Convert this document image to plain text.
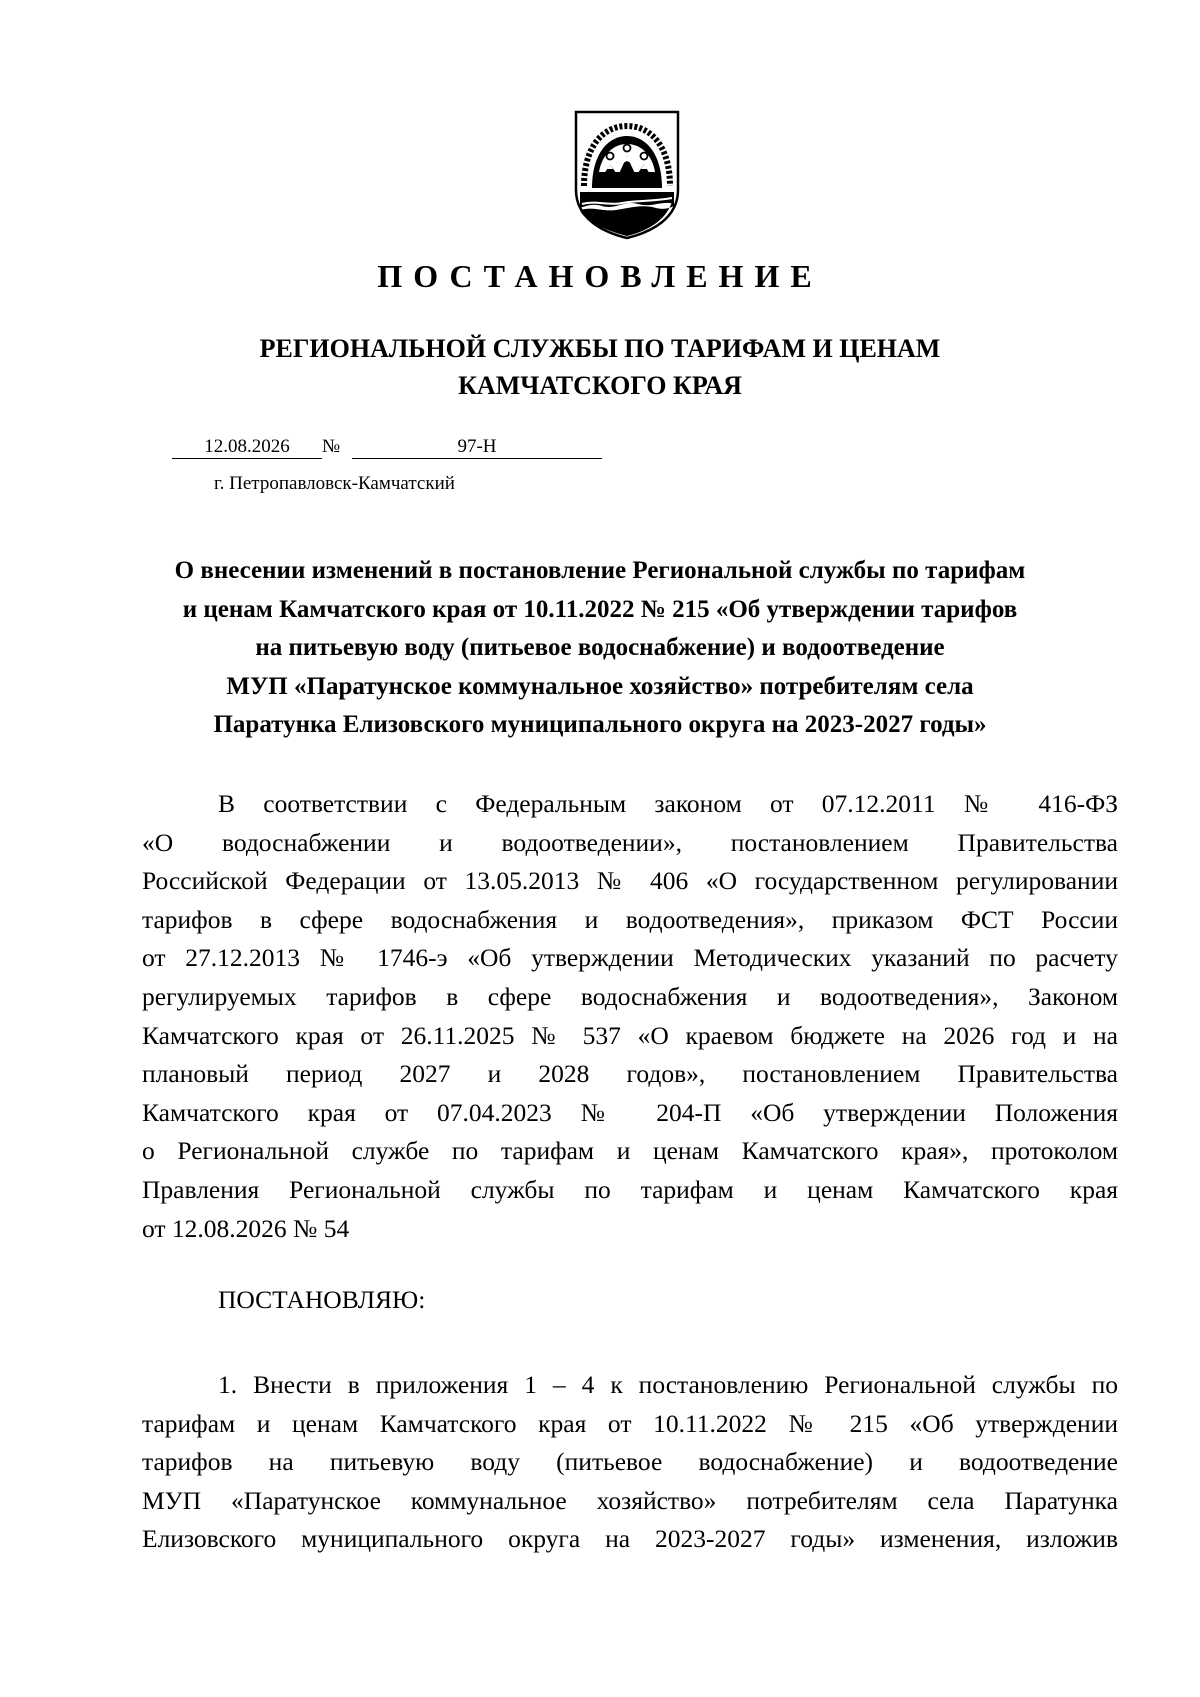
ПОСТАНОВЛЕНИЕ
РЕГИОНАЛЬНОЙ СЛУЖБЫ ПО ТАРИФАМ И ЦЕНАМ
КАМЧАТСКОГО КРАЯ
12.08.2026	№	97-Н
г. Петропавловск-Камчатский
О внесении изменений в постановление Региональной службы по тарифам
и ценам Камчатского края от 10.11.2022 № 215 «Об утверждении тарифов
на питьевую воду (питьевое водоснабжение) и водоотведение
МУП «Паратунское коммунальное хозяйство» потребителям села
Паратунка Елизовского муниципального округа на 2023-2027 годы»
В соответствии с Федеральным законом от 07.12.2011 № 416-ФЗ
«О водоснабжении и водоотведении», постановлением Правительства
Российской Федерации от 13.05.2013 № 406 «О государственном регулировании
тарифов в сфере водоснабжения и водоотведения», приказом ФСТ России
от 27.12.2013 № 1746-э «Об утверждении Методических указаний по расчету
регулируемых тарифов в сфере водоснабжения и водоотведения», Законом
Камчатского края от 26.11.2025 № 537 «О краевом бюджете на 2026 год и на
плановый период 2027 и 2028 годов», постановлением Правительства
Камчатского края от 07.04.2023 № 204-П «Об утверждении Положения
о Региональной службе по тарифам и ценам Камчатского края», протоколом
Правления Региональной службы по тарифам и ценам Камчатского края
от 12.08.2026 № 54
ПОСТАНОВЛЯЮ:
1. Внести в приложения 1 – 4 к постановлению Региональной службы по
тарифам и ценам Камчатского края от 10.11.2022 № 215 «Об утверждении
тарифов на питьевую воду (питьевое водоснабжение) и водоотведение
МУП «Паратунское коммунальное хозяйство» потребителям села Паратунка
Елизовского муниципального округа на 2023-2027 годы» изменения, изложив
